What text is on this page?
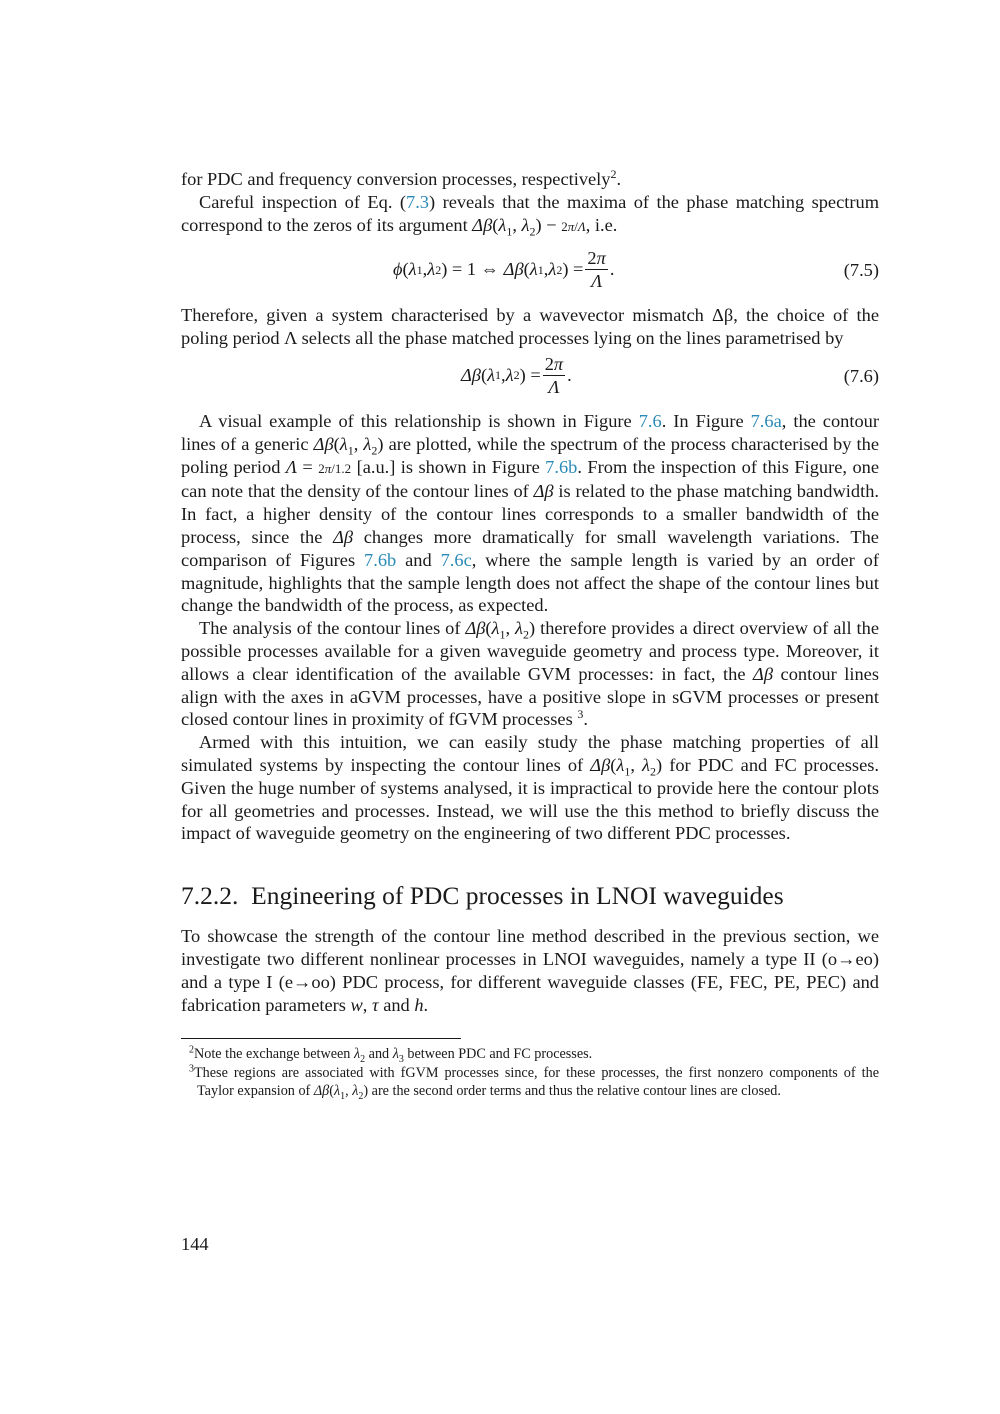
for PDC and frequency conversion processes, respectively$^2$.

Careful inspection of Eq. (7.3) reveals that the maxima of the phase matching spectrum correspond to the zeros of its argument $\Delta\beta(\lambda_1$, $\lambda_2) - 2\pi/\Lambda$, i.e.

ϕ ( λ 1 , λ 2 ) = 1 ⇔ Δβ ( λ 1 , λ 2 ) = $\frac{2\pi}{\Lambda}$ .	(7.5)

Therefore, given a system characterised by a wavevector mismatch Δβ, the choice of the poling period Λ selects all the phase matched processes lying on the lines parametrised by

Δβ ( λ 1 , λ 2 ) = $\frac{2\pi}{\Lambda}$ .	(7.6)

A visual example of this relationship is shown in Figure 7.6. In Figure 7.6a, the contour lines of a generic $\Delta\beta(\lambda_1$, $\lambda_2$) are plotted, while the spectrum of the process characterised by the poling period Λ = 2π/1.2 [a.u.] is shown in Figure 7.6b. From the inspection of this Figure, one can note that the density of the contour lines of Δβ is related to the phase matching bandwidth. In fact, a higher density of the contour lines corresponds to a smaller bandwidth of the process, since the Δβ changes more dramatically for small wavelength variations. The comparison of Figures 7.6b and 7.6c, where the sample length is varied by an order of magnitude, highlights that the sample length does not affect the shape of the contour lines but change the bandwidth of the process, as expected.

The analysis of the contour lines of $\Delta\beta(\lambda_1$, $\lambda_2$) therefore provides a direct overview of all the possible processes available for a given waveguide geometry and process type. Moreover, it allows a clear identification of the available GVM processes: in fact, the Δβ contour lines align with the axes in aGVM processes, have a positive slope in sGVM processes or present closed contour lines in proximity of fGVM processes $^3$.

Armed with this intuition, we can easily study the phase matching properties of all simulated systems by inspecting the contour lines of $\Delta\beta(\lambda_1$, $\lambda_2$) for PDC and FC processes. Given the huge number of systems analysed, it is impractical to provide here the contour plots for all geometries and processes. Instead, we will use the this method to briefly discuss the impact of waveguide geometry on the engineering of two different PDC processes.

7.2.2. Engineering of PDC processes in LNOI waveguides

To showcase the strength of the contour line method described in the previous section, we investigate two different nonlinear processes in LNOI waveguides, namely a type II (o→eo) and a type I (e→oo) PDC process, for different waveguide classes (FE, FEC, PE, PEC) and fabrication parameters w, τ and h.

$^2$Note the exchange between $\lambda_2$ and $\lambda_3$ between PDC and FC processes.

$^3$These regions are associated with fGVM processes since, for these processes, the first nonzero components of the Taylor expansion of $\Delta\beta(\lambda_1$, $\lambda_2$) are the second order terms and thus the relative contour lines are closed.

144
